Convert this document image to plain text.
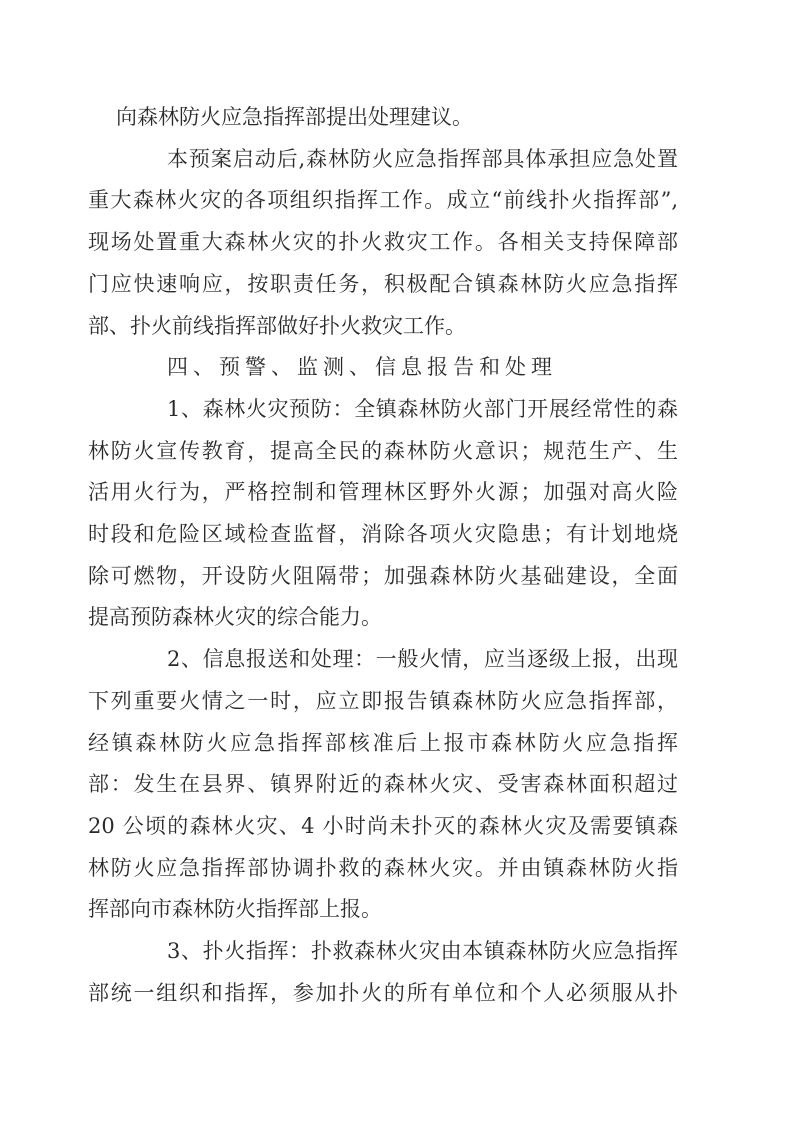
向森林防火应急指挥部提出处理建议。
本预案启动后,森林防火应急指挥部具体承担应急处置
重大森林火灾的各项组织指挥工作。成立“前线扑火指挥部”,
现场处置重大森林火灾的扑火救灾工作。各相关支持保障部
门应快速响应，按职责任务，积极配合镇森林防火应急指挥
部、扑火前线指挥部做好扑火救灾工作。
四、预警、监测、信息报告和处理
1、森林火灾预防：全镇森林防火部门开展经常性的森
林防火宣传教育，提高全民的森林防火意识；规范生产、生
活用火行为，严格控制和管理林区野外火源；加强对高火险
时段和危险区域检查监督，消除各项火灾隐患；有计划地烧
除可燃物，开设防火阻隔带；加强森林防火基础建设，全面
提高预防森林火灾的综合能力。
2、信息报送和处理：一般火情，应当逐级上报，出现
下列重要火情之一时，应立即报告镇森林防火应急指挥部，
经镇森林防火应急指挥部核准后上报市森林防火应急指挥
部：发生在县界、镇界附近的森林火灾、受害森林面积超过
20 公顷的森林火灾、4 小时尚未扑灭的森林火灾及需要镇森
林防火应急指挥部协调扑救的森林火灾。并由镇森林防火指
挥部向市森林防火指挥部上报。
3、扑火指挥：扑救森林火灾由本镇森林防火应急指挥
部统一组织和指挥，参加扑火的所有单位和个人必须服从扑
